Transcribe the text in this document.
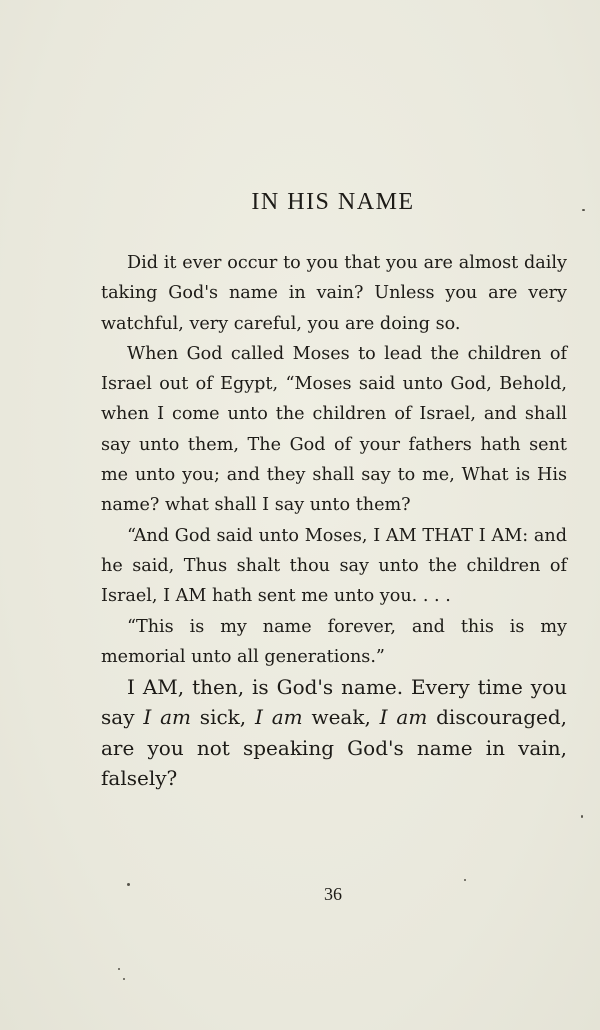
IN HIS NAME

Did it ever occur to you that you are almost daily taking God's name in vain? Unless you are very watchful, very careful, you are doing so.

When God called Moses to lead the children of Israel out of Egypt, “Moses said unto God, Behold, when I come unto the children of Israel, and shall say unto them, The God of your fathers hath sent me unto you; and they shall say to me, What is His name? what shall I say unto them?

“And God said unto Moses, I AM THAT I AM: and he said, Thus shalt thou say unto the children of Israel, I AM hath sent me unto you. . . .

“This is my name forever, and this is my memorial unto all generations.”

I AM, then, is God's name. Every time you say I am sick, I am weak, I am discouraged, are you not speaking God's name in vain, falsely?

36
